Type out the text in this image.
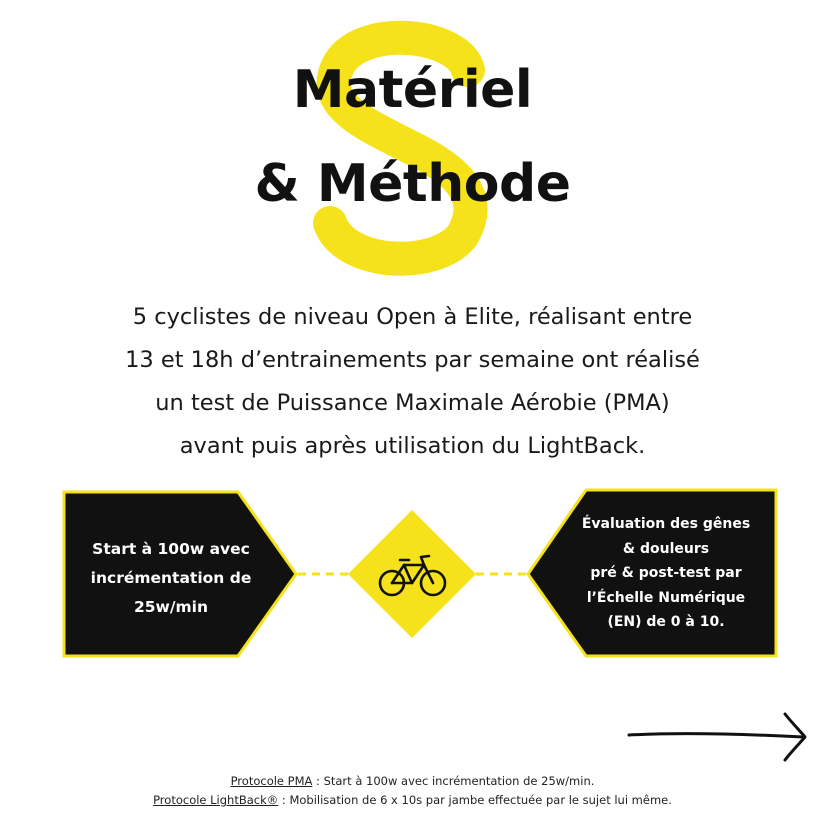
Matériel
& Méthode
5 cyclistes de niveau Open à Elite, réalisant entre
13 et 18h d’entrainements par semaine ont réalisé
un test de Puissance Maximale Aérobie (PMA)
avant puis après utilisation du LightBack.
Start à 100w avec
incrémentation de
25w/min
Évaluation des gênes
& douleurs
pré & post-test par
l’Échelle Numérique
(EN) de 0 à 10.
Protocole PMA : Start à 100w avec incrémentation de 25w/min.
Protocole LightBack® : Mobilisation de 6 x 10s par jambe effectuée par le sujet lui même.
